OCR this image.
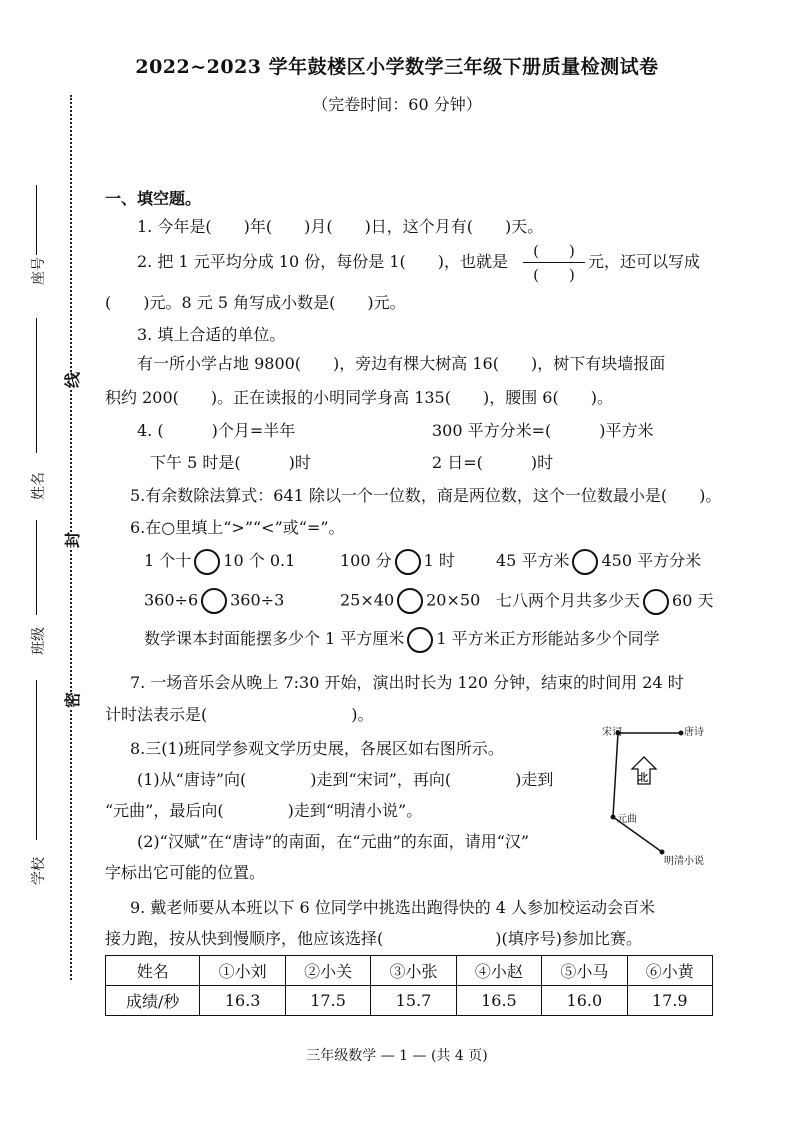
2022~2023 学年鼓楼区小学数学三年级下册质量检测试卷
（完卷时间：60 分钟）
线
封
密
座号
姓名
班级
学校
一、填空题。
1. 今年是(　　)年(　　)月(　　)日，这个月有(　　)天。
2. 把 1 元平均分成 10 份，每份是 1(　　)，也就是
(　　)
(　　)
元，还可以写成
(　　)元。8 元 5 角写成小数是(　　)元。
3. 填上合适的单位。
有一所小学占地 9800(　　)，旁边有棵大树高 16(　　)，树下有块墙报面
积约 200(　　)。正在读报的小明同学身高 135(　　)，腰围 6(　　)。
4. (　　　)个月=半年	300 平方分米=(　　　)平方米
下午 5 时是(　　　)时	2 日=(　　　)时
5.有余数除法算式：641 除以一个一位数，商是两位数，这个一位数最小是(　　)。
6.在○里填上“>”“<”或“=”。
1 个十 10 个 0.1	100 分 1 时	45 平方米 450 平方分米
360÷6 360÷3	25×40 20×50 七八两个月共多少天 60 天
数学课本封面能摆多少个 1 平方厘米 1 平方米正方形能站多少个同学
7. 一场音乐会从晚上 7:30 开始，演出时长为 120 分钟，结束的时间用 24 时
计时法表示是(　　　　　　　　　)。
8.三(1)班同学参观文学历史展，各展区如右图所示。
(1)从“唐诗”向(　　　　)走到“宋词”，再向(　　　　)走到
“元曲”，最后向(　　　　)走到“明清小说”。
(2)“汉赋”在“唐诗”的南面，在“元曲”的东面，请用“汉”
字标出它可能的位置。
宋词	唐诗
元曲
明清小说
北
9. 戴老师要从本班以下 6 位同学中挑选出跑得快的 4 人参加校运动会百米
接力跑，按从快到慢顺序，他应该选择(　　　　　　　)(填序号)参加比赛。
姓名	①小刘	②小关	③小张	④小赵	⑤小马	⑥小黄
成绩/秒	16.3	17.5	15.7	16.5	16.0	17.9
三年级数学 — 1 — (共 4 页)
